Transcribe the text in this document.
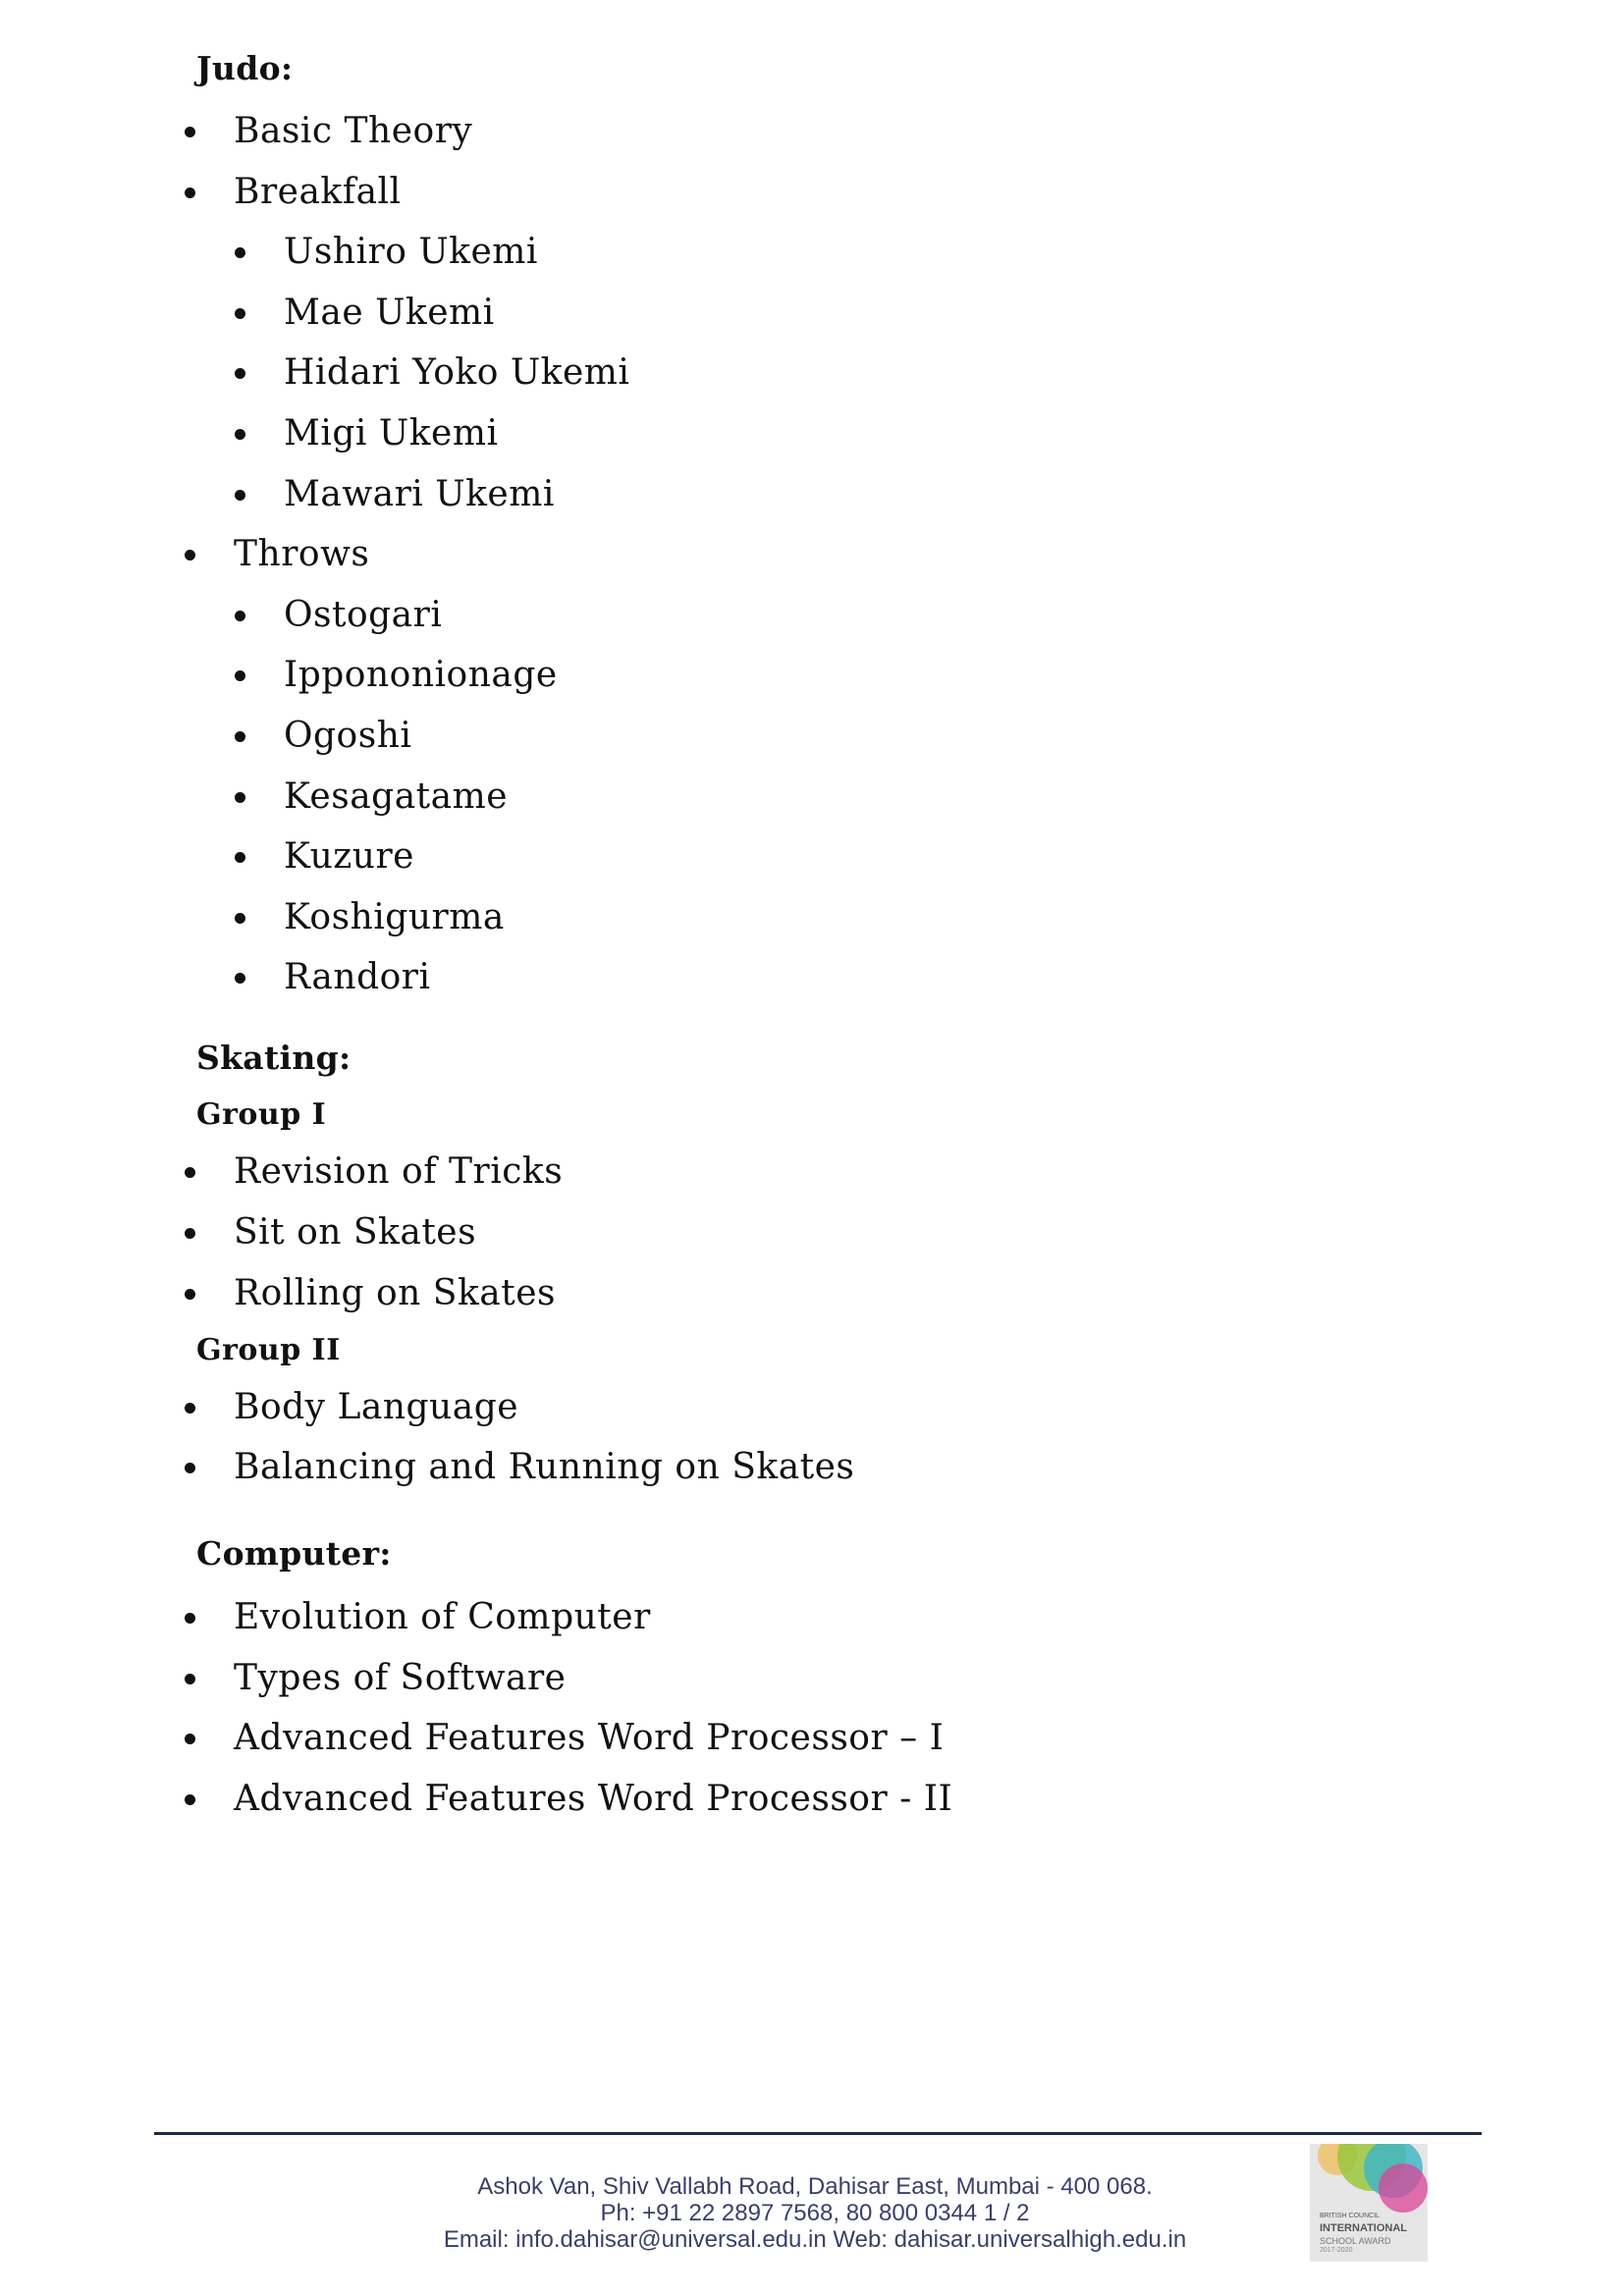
Judo:
Basic Theory
Breakfall
Ushiro Ukemi
Mae Ukemi
Hidari Yoko Ukemi
Migi Ukemi
Mawari Ukemi
Throws
Ostogari
Ippononionage
Ogoshi
Kesagatame
Kuzure
Koshigurma
Randori
Skating:
Group I
Revision of Tricks
Sit on Skates
Rolling on Skates
Group II
Body Language
Balancing and Running on Skates
Computer:
Evolution of Computer
Types of Software
Advanced Features Word Processor – I
Advanced Features Word Processor - II
Ashok Van, Shiv Vallabh Road, Dahisar East, Mumbai - 400 068.
Ph: +91 22 2897 7568, 80 800 0344 1 / 2
Email: info.dahisar@universal.edu.in Web: dahisar.universalhigh.edu.in
BRITISH COUNCIL
INTERNATIONAL
SCHOOL AWARD
2017-2020
